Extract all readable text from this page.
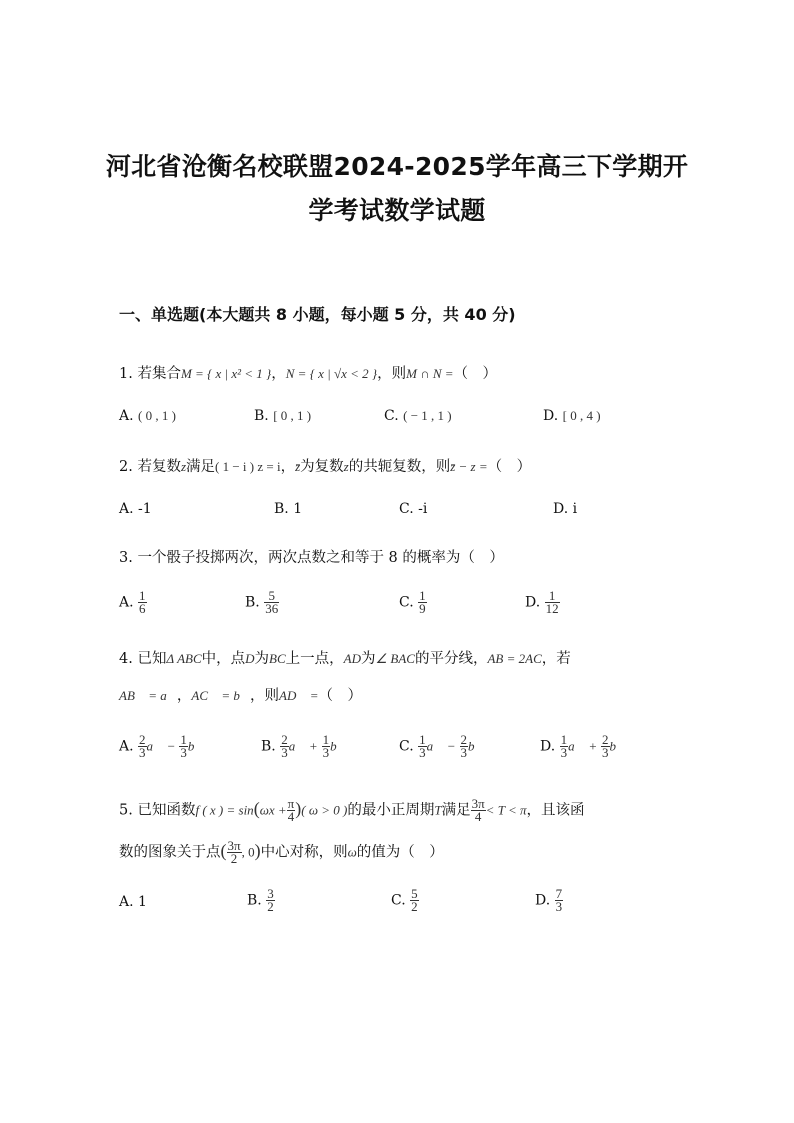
河北省沧衡名校联盟2024-2025学年高三下学期开
学考试数学试题
一、单选题(本大题共 8 小题，每小题 5 分，共 40 分)
1. 若集合M = { x | x² < 1 }，N = { x | √x < 2 }，则M ∩ N =（　）
A. ( 0 , 1 )	B. [ 0 , 1 )	C. ( − 1 , 1 )	D. [ 0 , 4 )
2. 若复数z满足( 1 − i ) z = i，z̄为复数z的共轭复数，则z̄ − z =（　）
A. -1	B. 1	C. -i	D. i
3. 一个骰子投掷两次，两次点数之和等于 8 的概率为（　）
A. $\frac{1}{6}$	B. $\frac{5}{36}$	C. $\frac{1}{9}$	D. $\frac{1}{12}$
4. 已知Δ ABC中，点D为BC上一点，AD为∠ BAC的平分线，AB = 2AC，若
AB⃗ = a⃗，AC⃗ = b⃗，则AD⃗ =（　）
A. $\frac{2}{3}$ a⃗ − $\frac{1}{3}$ b⃗	B. $\frac{2}{3}$ a⃗ + $\frac{1}{3}$ b⃗	C. $\frac{1}{3}$ a⃗ − $\frac{2}{3}$ b⃗	D. $\frac{1}{3}$ a⃗ + $\frac{2}{3}$ b⃗
5. 已知函数f ( x ) = $\sin(\omega x + \frac{\pi}{4}$ )( ω > 0 )的最小正周期T满足 $\frac{3\pi}{4} < T < \pi$，且该函
数的图象关于点( $\frac{3\pi}{2}$ , 0)中心对称，则ω的值为（　）
A. 1	B. $\frac{3}{2}$	C. $\frac{5}{2}$	D. $\frac{7}{3}$
